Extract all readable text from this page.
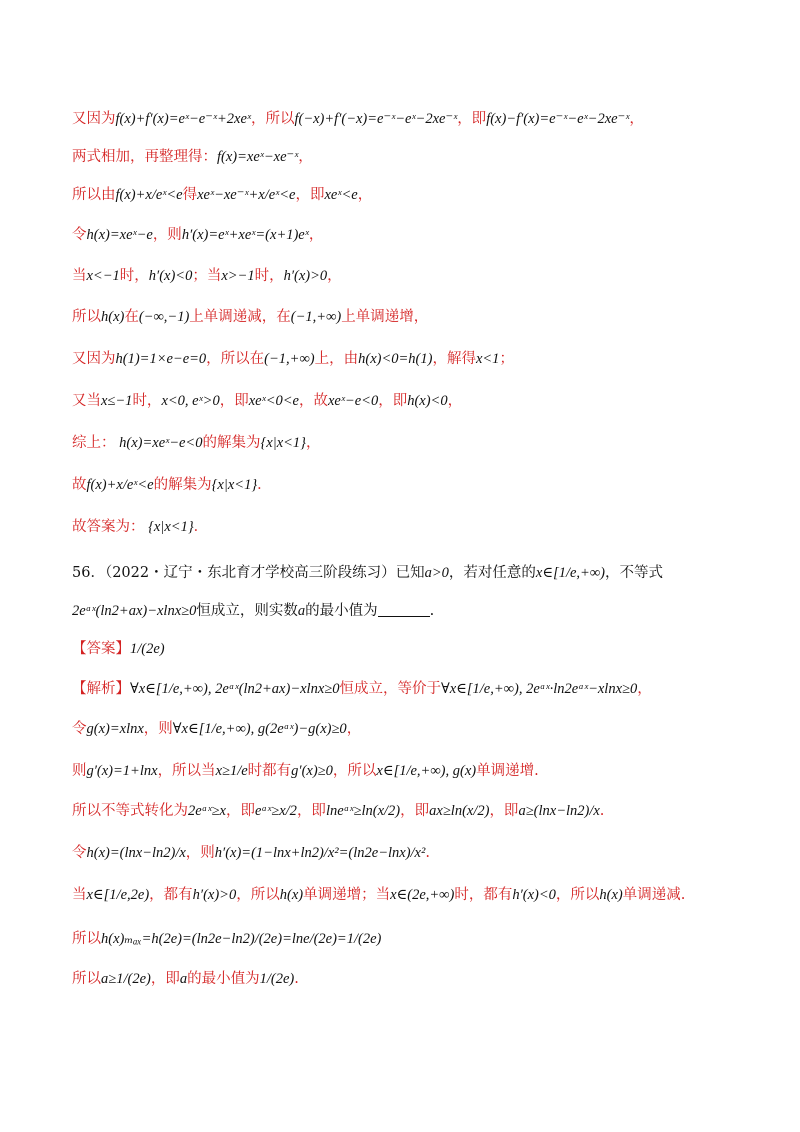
又因为f(x)+f′(x)=eˣ−e⁻ˣ+2xeˣ，所以f(−x)+f′(−x)=e⁻ˣ−eˣ−2xe⁻ˣ，即f(x)−f′(x)=e⁻ˣ−eˣ−2xe⁻ˣ，
两式相加，再整理得：f(x)=xeˣ−xe⁻ˣ，
所以由f(x)+x/eˣ<e得xeˣ−xe⁻ˣ+x/eˣ<e，即xeˣ<e，
令h(x)=xeˣ−e，则h′(x)=eˣ+xeˣ=(x+1)eˣ，
当x<−1时，h′(x)<0；当x>−1时，h′(x)>0，
所以h(x)在(−∞,−1)上单调递减，在(−1,+∞)上单调递增，
又因为h(1)=1×e−e=0，所以在(−1,+∞)上，由h(x)<0=h(1)，解得x<1；
又当x≤−1时，x<0, eˣ>0，即xeˣ<0<e，故xeˣ−e<0，即h(x)<0，
综上： h(x)=xeˣ−e<0的解集为{x|x<1}，
故f(x)+x/eˣ<e的解集为{x|x<1}．
故答案为： {x|x<1}．
56．（2022・辽宁・东北育才学校高三阶段练习）已知a>0，若对任意的x∈[1/e,+∞)，不等式
2eᵃˣ(ln2+ax)−xlnx≥0恒成立，则实数a的最小值为	.
【答案】1/(2e)
【解析】∀x∈[1/e,+∞), 2eᵃˣ(ln2+ax)−xlnx≥0恒成立，等价于∀x∈[1/e,+∞), 2eᵃˣ·ln2eᵃˣ−xlnx≥0，
令g(x)=xlnx，则∀x∈[1/e,+∞), g(2eᵃˣ)−g(x)≥0，
则g′(x)=1+lnx，所以当x≥1/e时都有g′(x)≥0，所以x∈[1/e,+∞), g(x)单调递增.
所以不等式转化为2eᵃˣ≥x，即eᵃˣ≥x/2，即lneᵃˣ≥ln(x/2)，即ax≥ln(x/2)，即a≥(lnx−ln2)/x.
令h(x)=(lnx−ln2)/x，则h′(x)=(1−lnx+ln2)/x²=(ln2e−lnx)/x².
当x∈[1/e,2e)，都有h′(x)>0，所以h(x)单调递增；当x∈(2e,+∞)时，都有h′(x)<0，所以h(x)单调递减.
所以h(x)ₘₐₓ=h(2e)=(ln2e−ln2)/(2e)=lne/(2e)=1/(2e)
所以a≥1/(2e)，即a的最小值为1/(2e).
